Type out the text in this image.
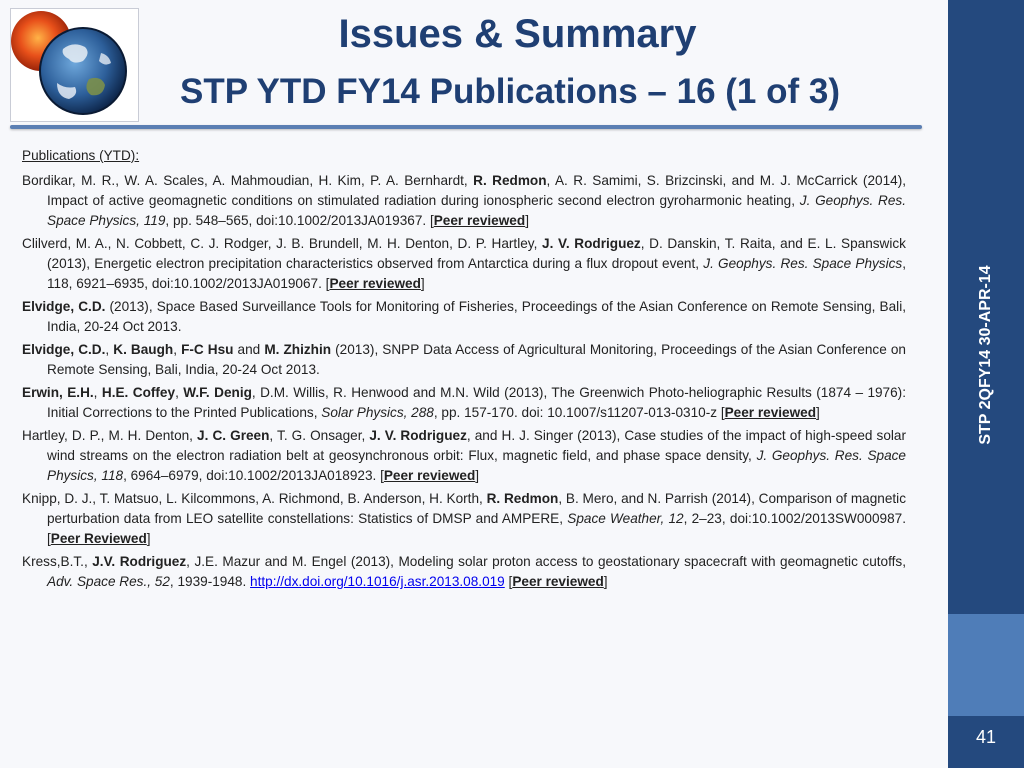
Issues & Summary
STP YTD FY14 Publications – 16 (1 of 3)
STP 2QFY14 30-APR-14
41

Publications (YTD):

Bordikar, M. R., W. A. Scales, A. Mahmoudian, H. Kim, P. A. Bernhardt, R. Redmon, A. R. Samimi, S. Brizcinski, and M. J. McCarrick (2014), Impact of active geomagnetic conditions on stimulated radiation during ionospheric second electron gyroharmonic heating, J. Geophys. Res. Space Physics, 119, pp. 548–565, doi:10.1002/2013JA019367. [Peer reviewed]

Clilverd, M. A., N. Cobbett, C. J. Rodger, J. B. Brundell, M. H. Denton, D. P. Hartley, J. V. Rodriguez, D. Danskin, T. Raita, and E. L. Spanswick (2013), Energetic electron precipitation characteristics observed from Antarctica during a flux dropout event, J. Geophys. Res. Space Physics, 118, 6921–6935, doi:10.1002/2013JA019067. [Peer reviewed]

Elvidge, C.D. (2013), Space Based Surveillance Tools for Monitoring of Fisheries, Proceedings of the Asian Conference on Remote Sensing, Bali, India, 20-24 Oct 2013.

Elvidge, C.D., K. Baugh, F-C Hsu and M. Zhizhin (2013), SNPP Data Access of Agricultural Monitoring, Proceedings of the Asian Conference on Remote Sensing, Bali, India, 20-24 Oct 2013.

Erwin, E.H., H.E. Coffey, W.F. Denig, D.M. Willis, R. Henwood and M.N. Wild (2013), The Greenwich Photo-heliographic Results (1874 – 1976): Initial Corrections to the Printed Publications, Solar Physics, 288, pp. 157-170. doi: 10.1007/s11207-013-0310-z [Peer reviewed]

Hartley, D. P., M. H. Denton, J. C. Green, T. G. Onsager, J. V. Rodriguez, and H. J. Singer (2013), Case studies of the impact of high-speed solar wind streams on the electron radiation belt at geosynchronous orbit: Flux, magnetic field, and phase space density, J. Geophys. Res. Space Physics, 118, 6964–6979, doi:10.1002/2013JA018923. [Peer reviewed]

Knipp, D. J., T. Matsuo, L. Kilcommons, A. Richmond, B. Anderson, H. Korth, R. Redmon, B. Mero, and N. Parrish (2014), Comparison of magnetic perturbation data from LEO satellite constellations: Statistics of DMSP and AMPERE, Space Weather, 12, 2–23, doi:10.1002/2013SW000987. [Peer Reviewed]

Kress,B.T., J.V. Rodriguez, J.E. Mazur and M. Engel (2013), Modeling solar proton access to geostationary spacecraft with geomagnetic cutoffs, Adv. Space Res., 52, 1939-1948. http://dx.doi.org/10.1016/j.asr.2013.08.019 [Peer reviewed]
